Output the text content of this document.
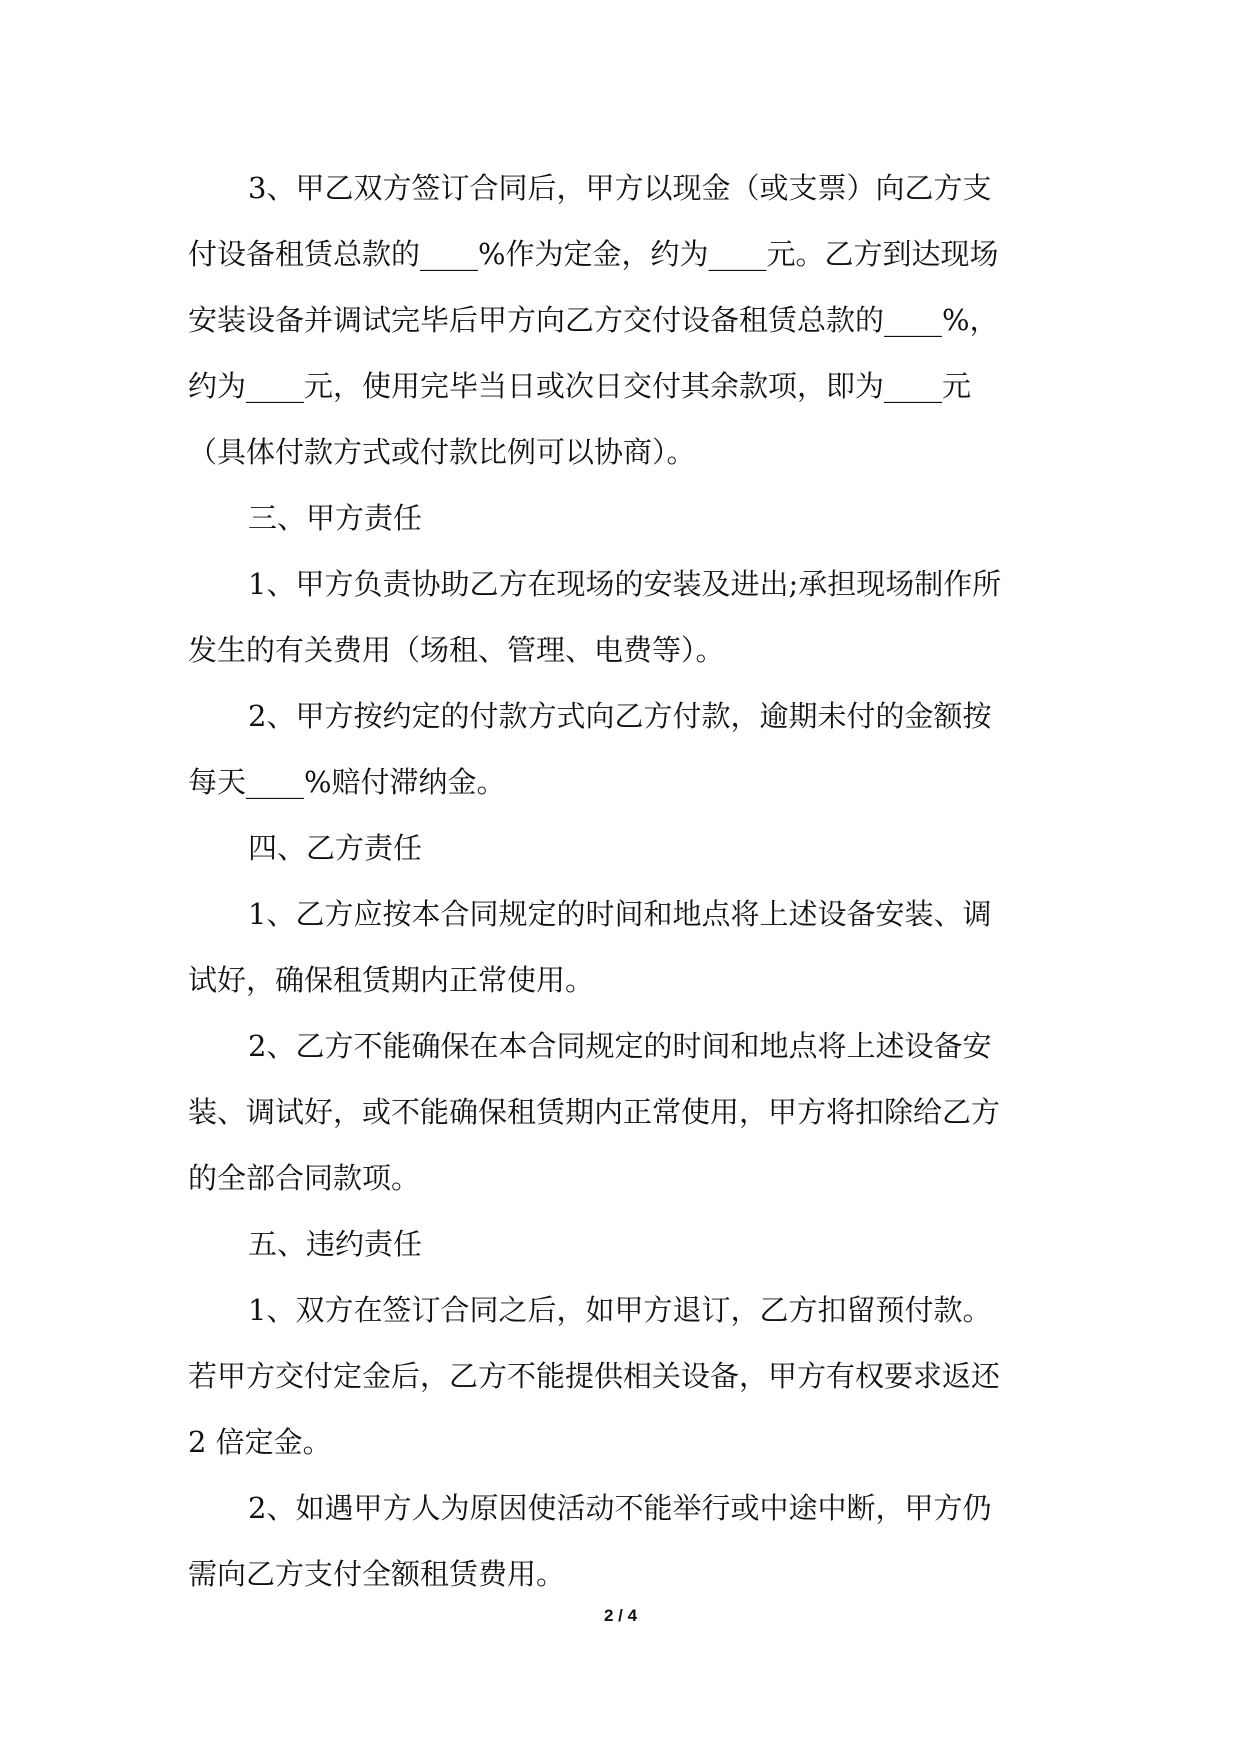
3、甲乙双方签订合同后，甲方以现金（或支票）向乙方支

付设备租赁总款的____%作为定金，约为____元。乙方到达现场

安装设备并调试完毕后甲方向乙方交付设备租赁总款的____%，

约为____元，使用完毕当日或次日交付其余款项，即为____元

（具体付款方式或付款比例可以协商）。

三、甲方责任

1、甲方负责协助乙方在现场的安装及进出;承担现场制作所

发生的有关费用（场租、管理、电费等）。

2、甲方按约定的付款方式向乙方付款，逾期未付的金额按

每天____%赔付滞纳金。

四、乙方责任

1、乙方应按本合同规定的时间和地点将上述设备安装、调

试好，确保租赁期内正常使用。

2、乙方不能确保在本合同规定的时间和地点将上述设备安

装、调试好，或不能确保租赁期内正常使用，甲方将扣除给乙方

的全部合同款项。

五、违约责任

1、双方在签订合同之后，如甲方退订，乙方扣留预付款。

若甲方交付定金后，乙方不能提供相关设备，甲方有权要求返还

2 倍定金。

2、如遇甲方人为原因使活动不能举行或中途中断，甲方仍

需向乙方支付全额租赁费用。

2 / 4
